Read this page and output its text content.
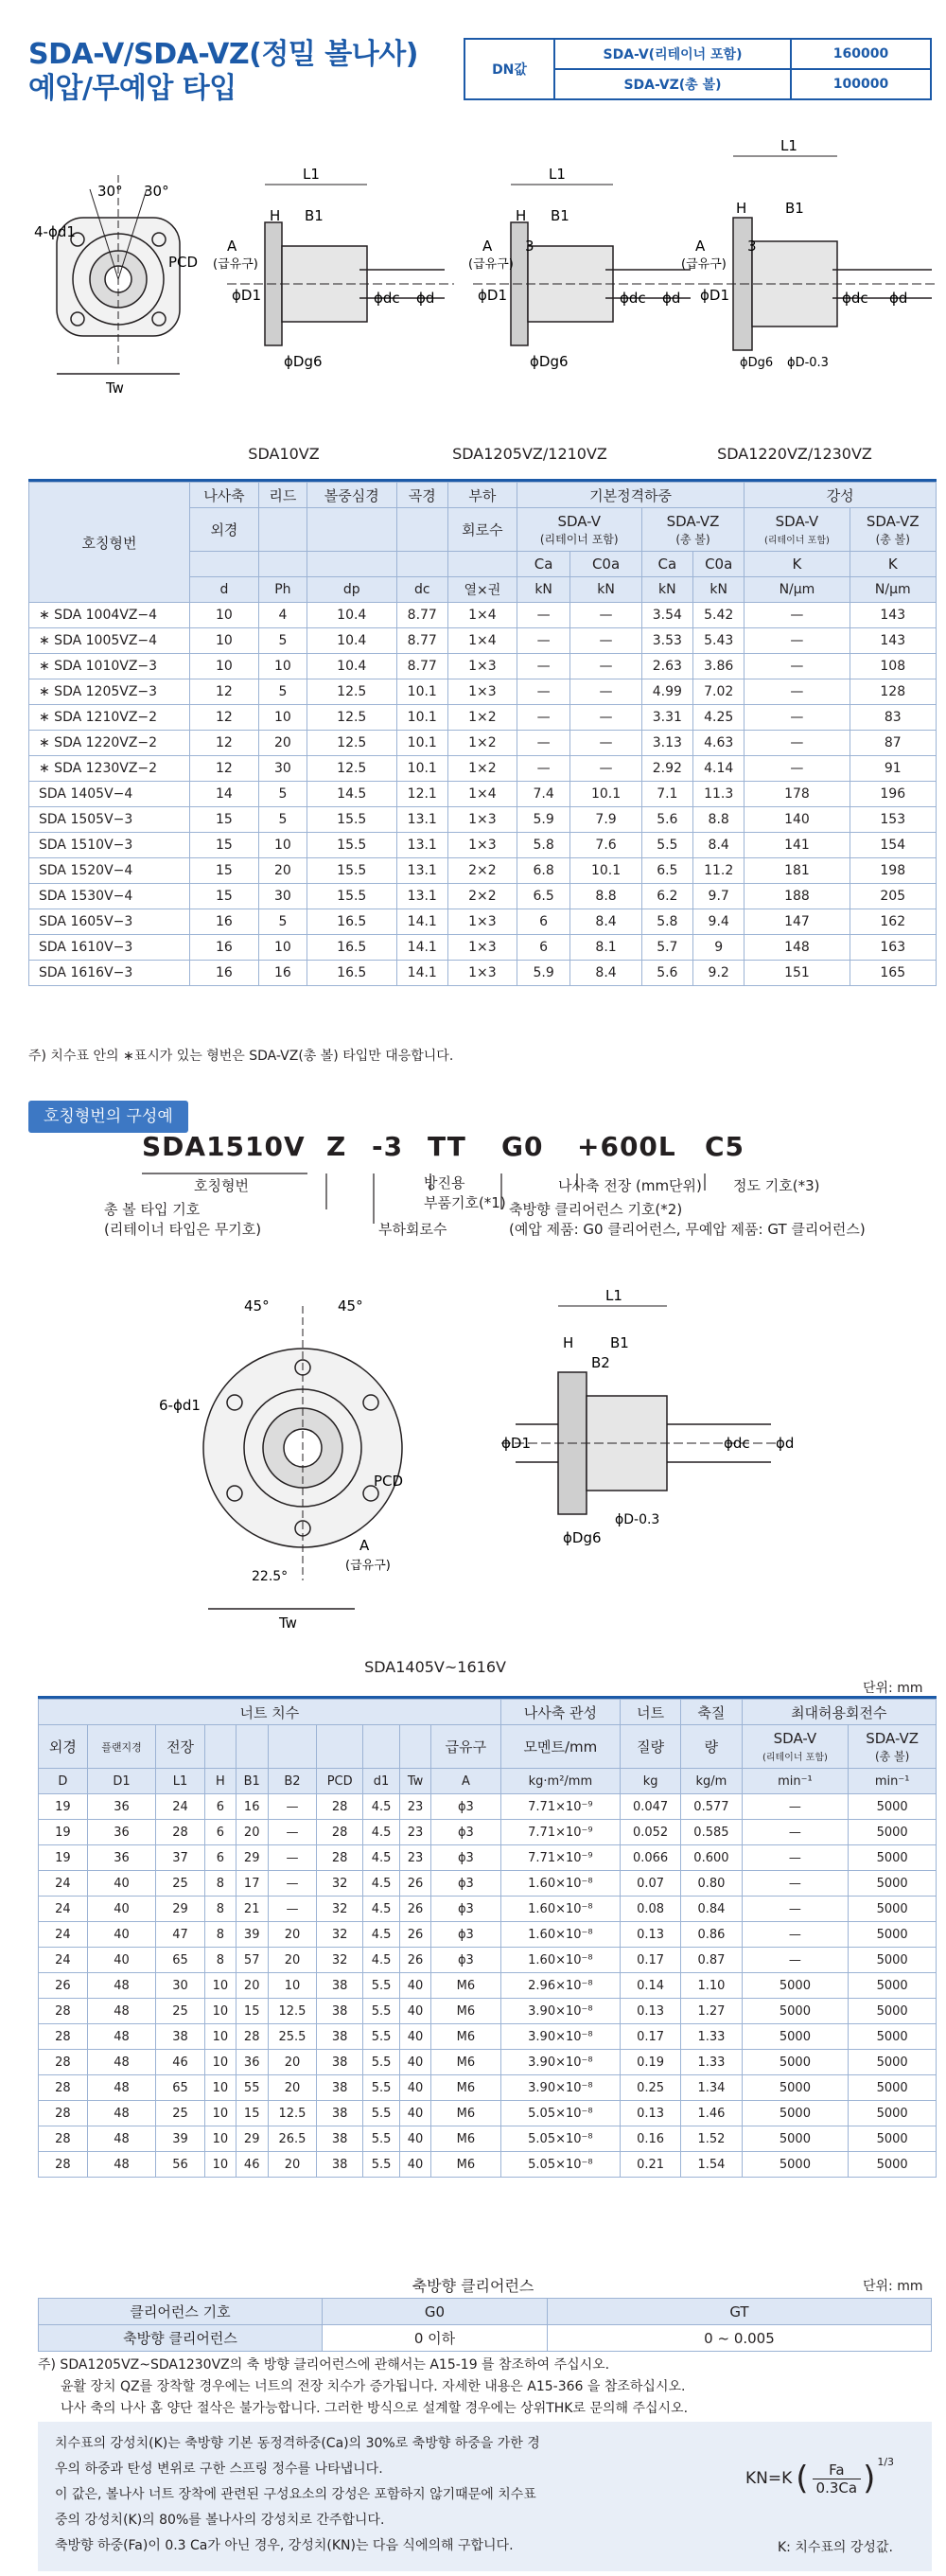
SDA-V/SDA-VZ(정밀 볼나사)
예압/무예압 타입
DN값	SDA-V(리테이너 포함)	160000
	SDA-VZ(총 볼)	100000
30° 30°
4-ϕd1
PCD
Tw
L1
H B1
A
(급유구)
ϕD1	ϕdc ϕd
ϕDg6
L1
H B1
A 3
(급유구)
ϕD1	ϕdc ϕd
ϕDg6
L1
H	B1
A	3
(급유구)
ϕD1	ϕdc ϕd
ϕDg6 ϕD-0.3
SDA10VZ	SDA1205VZ/1210VZ	SDA1220VZ/1230VZ
호칭형번	나사축	리드	볼중심경	곡경	부하	기본정격하중				강성	
	외경				회로수	SDA-V
(리테이너 포함)		SDA-VZ
(총 볼)		SDA-V
(리테이너 포함)	SDA-VZ
(총 볼)
						Ca	C0a	Ca	C0a	K	K
	d	Ph	dp	dc	열×권	kN	kN	kN	kN	N/μm	N/μm
∗ SDA 1004VZ−4	10	4	10.4	8.77	1×4	—	—	3.54	5.42	—	143
∗ SDA 1005VZ−4	10	5	10.4	8.77	1×4	—	—	3.53	5.43	—	143
∗ SDA 1010VZ−3	10	10	10.4	8.77	1×3	—	—	2.63	3.86	—	108
∗ SDA 1205VZ−3	12	5	12.5	10.1	1×3	—	—	4.99	7.02	—	128
∗ SDA 1210VZ−2	12	10	12.5	10.1	1×2	—	—	3.31	4.25	—	83
∗ SDA 1220VZ−2	12	20	12.5	10.1	1×2	—	—	3.13	4.63	—	87
∗ SDA 1230VZ−2	12	30	12.5	10.1	1×2	—	—	2.92	4.14	—	91
SDA 1405V−4	14	5	14.5	12.1	1×4	7.4	10.1	7.1	11.3	178	196
SDA 1505V−3	15	5	15.5	13.1	1×3	5.9	7.9	5.6	8.8	140	153
SDA 1510V−3	15	10	15.5	13.1	1×3	5.8	7.6	5.5	8.4	141	154
SDA 1520V−4	15	20	15.5	13.1	2×2	6.8	10.1	6.5	11.2	181	198
SDA 1530V−4	15	30	15.5	13.1	2×2	6.5	8.8	6.2	9.7	188	205
SDA 1605V−3	16	5	16.5	14.1	1×3	6	8.4	5.8	9.4	147	162
SDA 1610V−3	16	10	16.5	14.1	1×3	6	8.1	5.7	9	148	163
SDA 1616V−3	16	16	16.5	14.1	1×3	5.9	8.4	5.6	9.2	151	165
주) 치수표 안의 ∗표시가 있는 형번은 SDA-VZ(총 볼) 타입만 대응합니다.
호칭형번의 구성예
SDA1510V Z -3 TT G0 +600L C5
호칭형번
총 볼 타입 기호
(리테이너 타입은 무기호)	부하회로수
방진용
부품기호(*1)
나사축 전장 (mm단위)
축방향 클리어런스 기호(*2)
(예압 제품: G0 클리어런스, 무예압 제품: GT 클리어런스)
정도 기호(*3)
45°	45°
6-ϕd1
PCD
A
(급유구)
22.5°
Tw
L1
H	B1
B2
ϕD1	ϕdc ϕd
ϕDg6
ϕD-0.3
SDA1405V~1616V
단위: mm
너트 치수										나사축 관성	너트	축질	최대허용회전수	
외경	플랜지경	전장							급유구	모멘트/mm	질량	량	SDA-V
(리테이너 포함)	SDA-VZ
(총 볼)
D	D1	L1	H	B1	B2	PCD	d1	Tw	A	kg·m²/mm	kg	kg/m	min⁻¹	min⁻¹
19	36	24	6	16	—	28	4.5	23	ϕ3	7.71×10⁻⁹	0.047	0.577	—	5000
19	36	28	6	20	—	28	4.5	23	ϕ3	7.71×10⁻⁹	0.052	0.585	—	5000
19	36	37	6	29	—	28	4.5	23	ϕ3	7.71×10⁻⁹	0.066	0.600	—	5000
24	40	25	8	17	—	32	4.5	26	ϕ3	1.60×10⁻⁸	0.07	0.80	—	5000
24	40	29	8	21	—	32	4.5	26	ϕ3	1.60×10⁻⁸	0.08	0.84	—	5000
24	40	47	8	39	20	32	4.5	26	ϕ3	1.60×10⁻⁸	0.13	0.86	—	5000
24	40	65	8	57	20	32	4.5	26	ϕ3	1.60×10⁻⁸	0.17	0.87	—	5000
26	48	30	10	20	10	38	5.5	40	M6	2.96×10⁻⁸	0.14	1.10	5000	5000
28	48	25	10	15	12.5	38	5.5	40	M6	3.90×10⁻⁸	0.13	1.27	5000	5000
28	48	38	10	28	25.5	38	5.5	40	M6	3.90×10⁻⁸	0.17	1.33	5000	5000
28	48	46	10	36	20	38	5.5	40	M6	3.90×10⁻⁸	0.19	1.33	5000	5000
28	48	65	10	55	20	38	5.5	40	M6	3.90×10⁻⁸	0.25	1.34	5000	5000
28	48	25	10	15	12.5	38	5.5	40	M6	5.05×10⁻⁸	0.13	1.46	5000	5000
28	48	39	10	29	26.5	38	5.5	40	M6	5.05×10⁻⁸	0.16	1.52	5000	5000
28	48	56	10	46	20	38	5.5	40	M6	5.05×10⁻⁸	0.21	1.54	5000	5000
축방향 클리어런스	단위: mm
클리어런스 기호	G0	GT
축방향 클리어런스	0 이하	0 ~ 0.005
주) SDA1205VZ~SDA1230VZ의 축 방향 클리어런스에 관해서는 A15-19 를 참조하여 주십시오.
윤활 장치 QZ를 장착할 경우에는 너트의 전장 치수가 증가됩니다. 자세한 내용은 A15-366 을 참조하십시오.
나사 축의 나사 홈 양단 절삭은 불가능합니다. 그러한 방식으로 설계할 경우에는 상위THK로 문의해 주십시오.
치수표의 강성치(K)는 축방향 기본 동정격하중(Ca)의 30%로 축방향 하중을 가한 경
우의 하중과 탄성 변위로 구한 스프링 정수를 나타냅니다.
이 값은, 볼나사 너트 장착에 관련된 구성요소의 강성은 포함하지 않기때문에 치수표
중의 강성치(K)의 80%를 볼나사의 강성치로 간주합니다.
축방향 하중(Fa)이 0.3 Ca가 아닌 경우, 강성치(KN)는 다음 식에의해 구합니다.
KN=K ( $\frac{Fa}{0.3Ca} )^{1/3}$
K: 치수표의 강성값.
